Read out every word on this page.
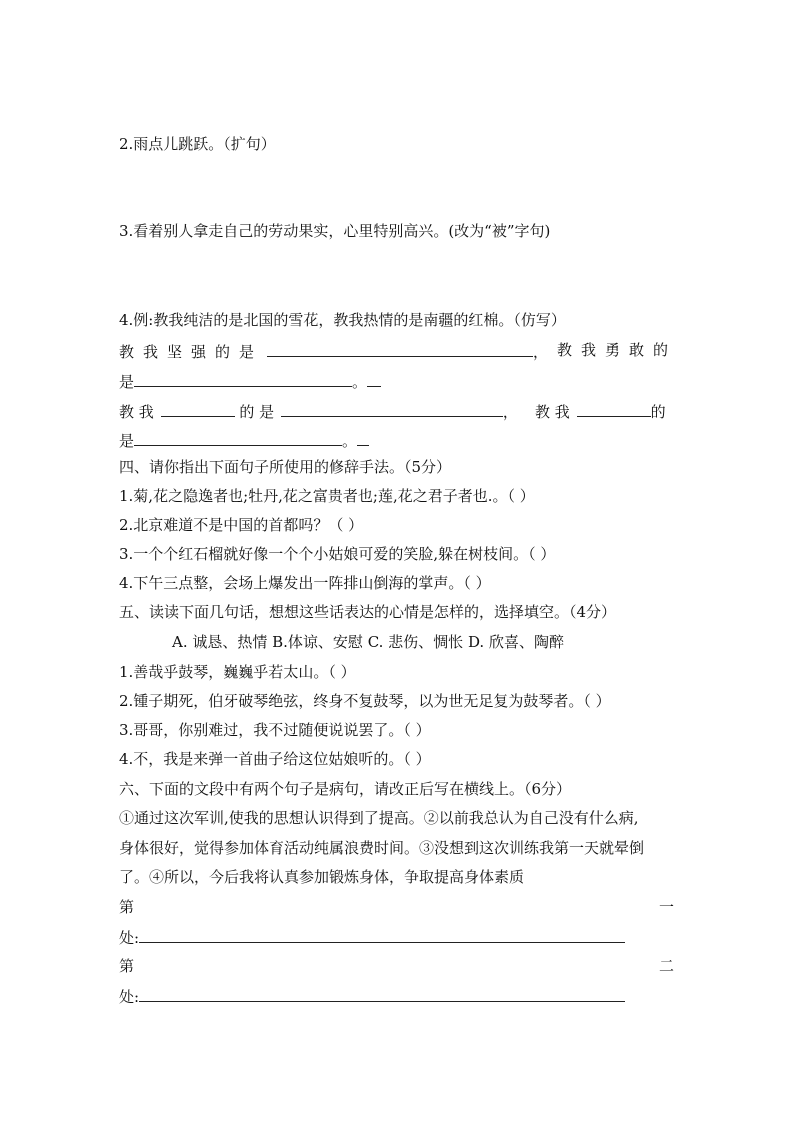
2.雨点儿跳跃。（扩句）
3.看着别人拿走自己的劳动果实，心里特别高兴。(改为“被”字句)
4.例:教我纯洁的是北国的雪花，教我热情的是南疆的红棉。（仿写）
教我坚强的是	， 教我勇敢的
是	。
教 我	的 是	， 教 我	的
是	。
四、请你指出下面句子所使用的修辞手法。（5分）
1.菊,花之隐逸者也;牡丹,花之富贵者也;莲,花之君子者也.。（ ）
2.北京难道不是中国的首都吗？（ ）
3.一个个红石榴就好像一个个小姑娘可爱的笑脸,躲在树枝间。（ ）
4.下午三点整，会场上爆发出一阵排山倒海的掌声。（ ）
五、读读下面几句话，想想这些话表达的心情是怎样的，选择填空。（4分）
A. 诚恳、热情 B.体谅、安慰 C. 悲伤、惆怅 D. 欣喜、陶醉
1.善哉乎鼓琴，巍巍乎若太山。（ ）
2.锺子期死，伯牙破琴绝弦，终身不复鼓琴，以为世无足复为鼓琴者。（ ）
3.哥哥，你别难过，我不过随便说说罢了。（ ）
4.不，我是来弹一首曲子给这位姑娘听的。（ ）
六、下面的文段中有两个句子是病句，请改正后写在横线上。（6分）
①通过这次军训,使我的思想认识得到了提高。②以前我总认为自己没有什么病,
身体很好，觉得参加体育活动纯属浪费时间。③没想到这次训练我第一天就晕倒
了。④所以，今后我将认真参加锻炼身体，争取提高身体素质
第	一
处:
第	二
处:
